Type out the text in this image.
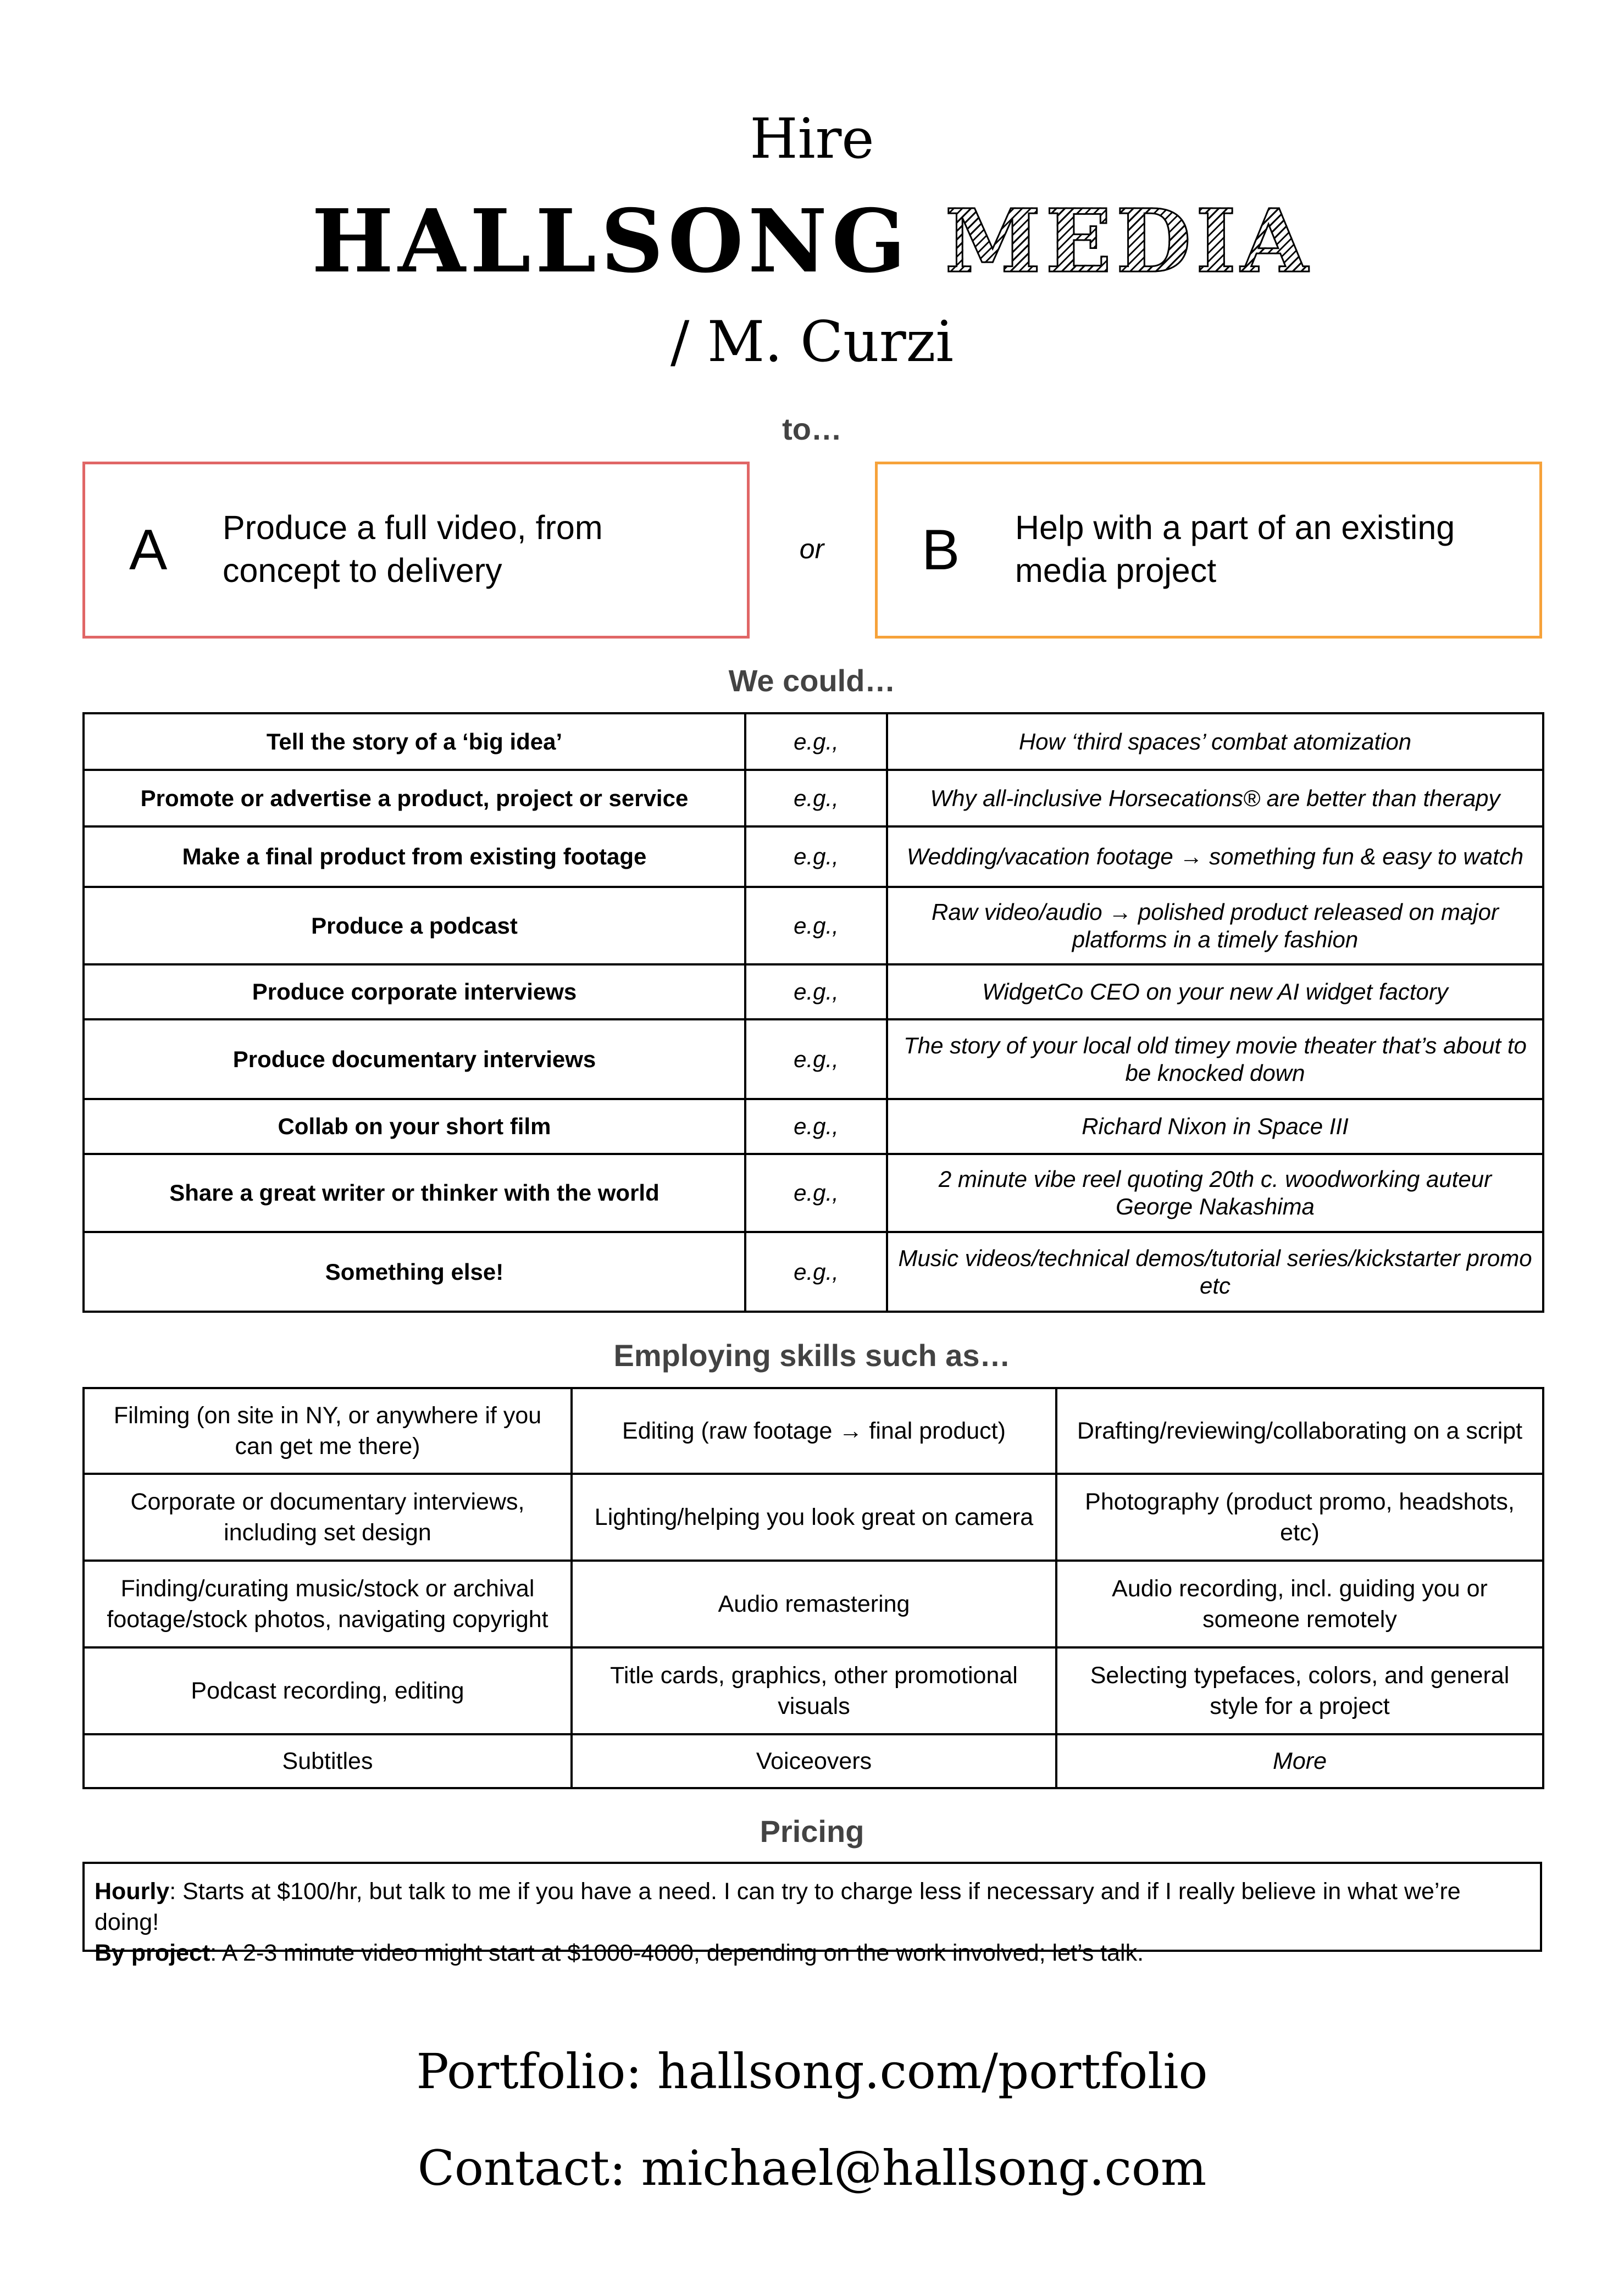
Hire
HALLSONG MEDIA
/ M. Curzi
to…
A Produce a full video, from concept to delivery
or	B Help with a part of an existing media project
We could…
Tell the story of a ‘big idea’	e.g.,	How ‘third spaces’ combat atomization
Promote or advertise a product, project or service	e.g.,	Why all-inclusive Horsecations® are better than therapy
Make a final product from existing footage	e.g.,	Wedding/vacation footage → something fun & easy to watch
Produce a podcast	e.g.,	Raw video/audio → polished product released on major platforms in a timely fashion
Produce corporate interviews	e.g.,	WidgetCo CEO on your new AI widget factory
Produce documentary interviews	e.g.,	The story of your local old timey movie theater that’s about to be knocked down
Collab on your short film	e.g.,	Richard Nixon in Space III
Share a great writer or thinker with the world	e.g.,	2 minute vibe reel quoting 20th c. woodworking auteur George Nakashima
Something else!	e.g.,	Music videos/technical demos/tutorial series/kickstarter promo etc
Employing skills such as…
Filming (on site in NY, or anywhere if you can get me there)	Editing (raw footage → final product)	Drafting/reviewing/collaborating on a script
Corporate or documentary interviews, including set design	Lighting/helping you look great on camera	Photography (product promo, headshots, etc)
Finding/curating music/stock or archival footage/stock photos, navigating copyright	Audio remastering	Audio recording, incl. guiding you or someone remotely
Podcast recording, editing	Title cards, graphics, other promotional visuals	Selecting typefaces, colors, and general style for a project
Subtitles	Voiceovers	More
Pricing
Hourly: Starts at $100/hr, but talk to me if you have a need. I can try to charge less if necessary and if I really believe in what we’re doing!
By project: A 2-3 minute video might start at $1000-4000, depending on the work involved; let’s talk.
Portfolio: hallsong.com/portfolio
Contact: michael@hallsong.com
